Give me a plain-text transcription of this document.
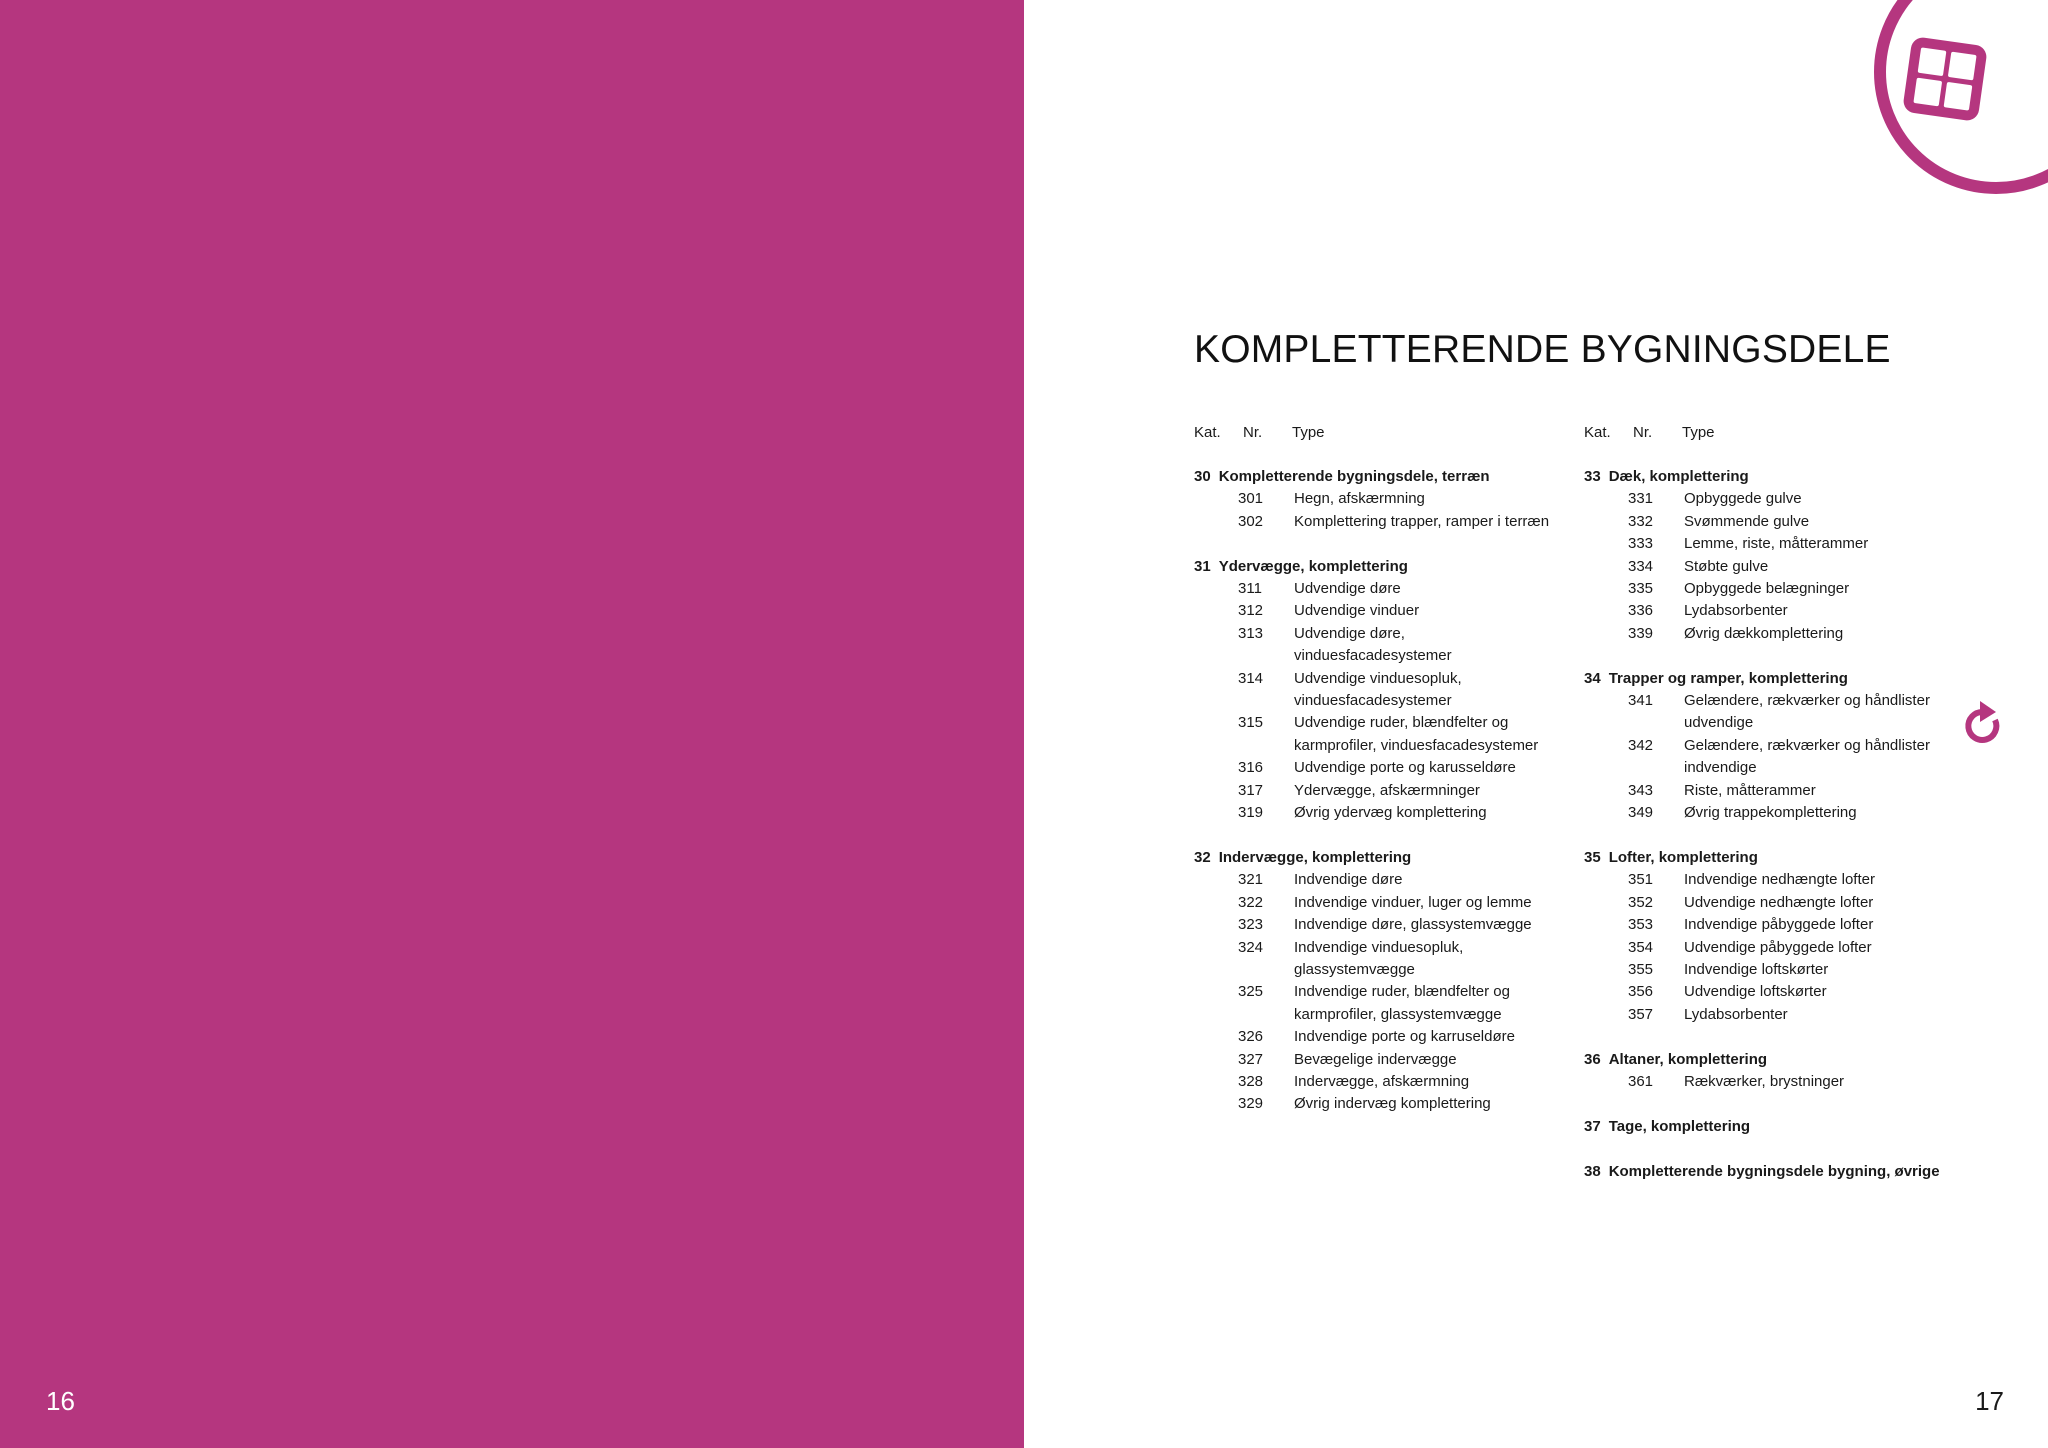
16	17
KOMPLETTERENDE BYGNINGSDELE
Kat. Nr. Type
30 Kompletterende bygningsdele, terræn
301 Hegn, afskærmning
302 Komplettering trapper, ramper i terræn
31 Ydervægge, komplettering
311 Udvendige døre
312 Udvendige vinduer
313 Udvendige døre, vinduesfacadesystemer
314 Udvendige vinduesopluk, vinduesfacadesystemer
315 Udvendige ruder, blændfelter og karmprofiler, vinduesfacadesystemer
316 Udvendige porte og karusseldøre
317 Ydervægge, afskærmninger
319 Øvrig ydervæg komplettering
32 Indervægge, komplettering
321 Indvendige døre
322 Indvendige vinduer, luger og lemme
323 Indvendige døre, glassystemvægge
324 Indvendige vinduesopluk, glassystemvægge
325 Indvendige ruder, blændfelter og karmprofiler, glassystemvægge
326 Indvendige porte og karruseldøre
327 Bevægelige indervægge
328 Indervægge, afskærmning
329 Øvrig indervæg komplettering
Kat. Nr. Type
33 Dæk, komplettering
331 Opbyggede gulve
332 Svømmende gulve
333 Lemme, riste, måtterammer
334 Støbte gulve
335 Opbyggede belægninger
336 Lydabsorbenter
339 Øvrig dækkomplettering
34 Trapper og ramper, komplettering
341 Gelændere, rækværker og håndlister udvendige
342 Gelændere, rækværker og håndlister indvendige
343 Riste, måtterammer
349 Øvrig trappekomplettering
35 Lofter, komplettering
351 Indvendige nedhængte lofter
352 Udvendige nedhængte lofter
353 Indvendige påbyggede lofter
354 Udvendige påbyggede lofter
355 Indvendige loftskørter
356 Udvendige loftskørter
357 Lydabsorbenter
36 Altaner, komplettering
361 Rækværker, brystninger
37 Tage, komplettering
38 Kompletterende bygningsdele bygning, øvrige
